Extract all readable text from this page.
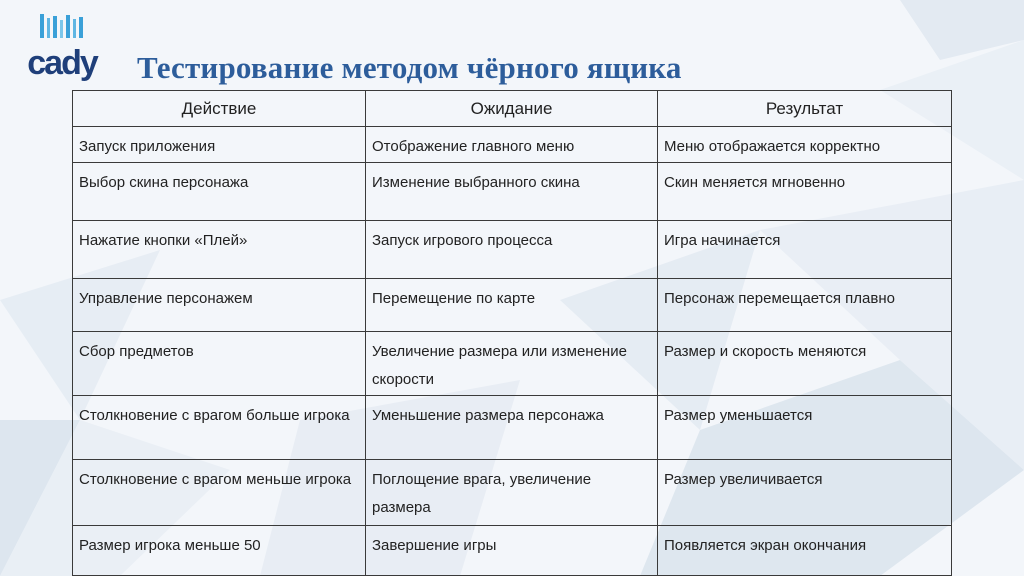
cady Тестирование методом чёрного ящика
Действие	Ожидание	Результат
Запуск приложения	Отображение главного меню	Меню отображается корректно
Выбор скина персонажа	Изменение выбранного скина	Скин меняется мгновенно
Нажатие кнопки «Плей»	Запуск игрового процесса	Игра начинается
Управление персонажем	Перемещение по карте	Персонаж перемещается плавно
Сбор предметов	Увеличение размера или изменение скорости	Размер и скорость меняются
Столкновение с врагом больше игрока	Уменьшение размера персонажа	Размер уменьшается
Столкновение с врагом меньше игрока	Поглощение врага, увеличение размера	Размер увеличивается
Размер игрока меньше 50	Завершение игры	Появляется экран окончания
